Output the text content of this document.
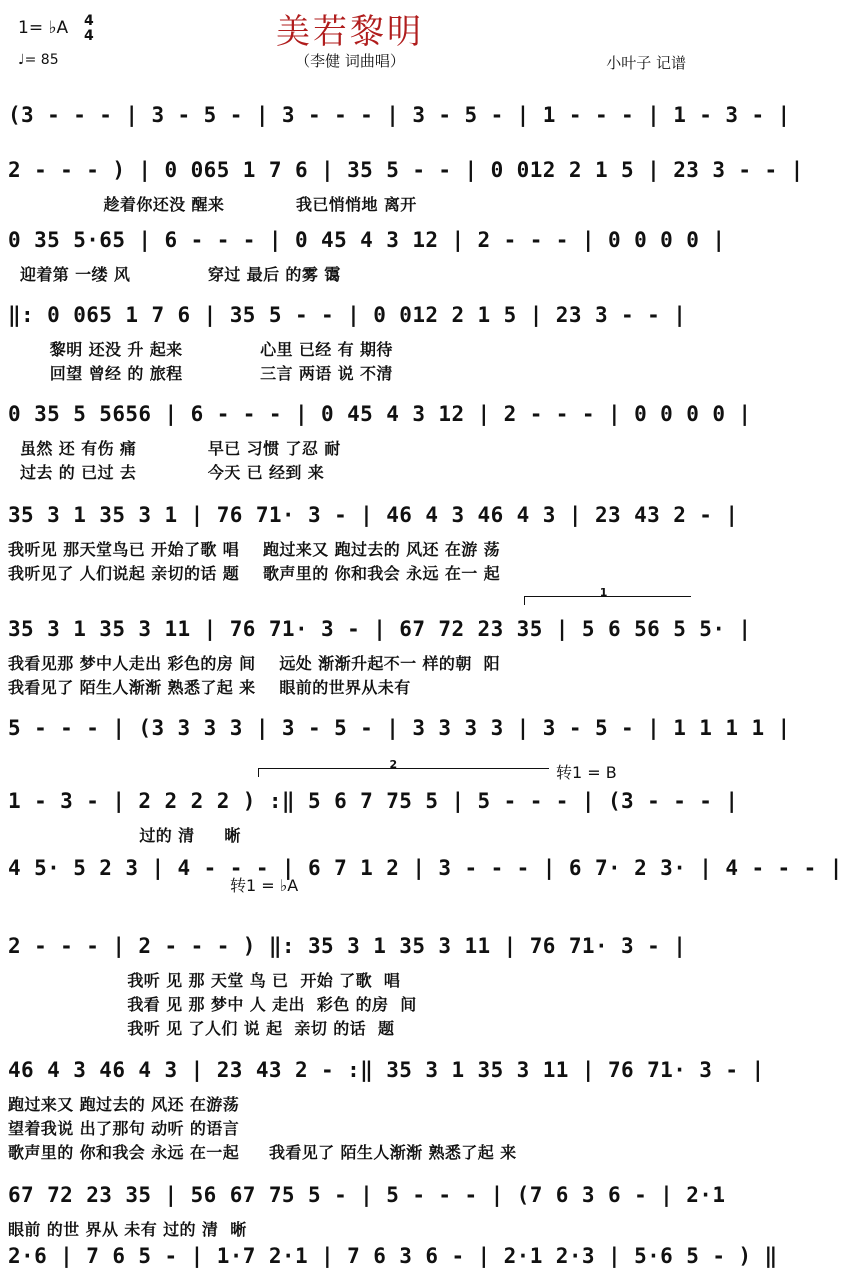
美若黎明
（李健 词曲唱）
1= ♭A 4
4
♩= 85	小叶子 记谱
1
2	转1 = B
转1 = ♭A
(3 - - - | 3 - 5 - | 3 - - - | 3 - 5 - | 1 - - - | 1 - 3 - |
2 - - - ) | 0 065 1 7 6 | 35 5 - - | 0 012 2 1 5 | 23 3 - - |
趁着你还没 醒来            我已悄悄地 离开
0 35 5·65 | 6 - - - | 0 45 4 3 12 | 2 - - - | 0 0 0 0 |
迎着第 一缕 风             穿过 最后 的雾 霭
‖: 0 065 1 7 6 | 35 5 - - | 0 012 2 1 5 | 23 3 - - |
黎明 还没 升 起来             心里 已经 有 期待
回望 曾经 的 旅程             三言 两语 说 不清
0 35 5 5656 | 6 - - - | 0 45 4 3 12 | 2 - - - | 0 0 0 0 |
虽然 还 有伤 痛            早已 习惯 了忍 耐
过去 的 已过 去            今天 已 经到 来
35 3 1 35 3 1 | 76 71· 3 - | 46 4 3 46 4 3 | 23 43 2 - |
我听见 那天堂鸟已 开始了歌 唱    跑过来又 跑过去的 风还 在游 荡
我听见了 人们说起 亲切的话 题    歌声里的 你和我会 永远 在一 起
35 3 1 35 3 11 | 76 71· 3 - | 67 72 23 35 | 5 6 56 5 5· |
我看见那 梦中人走出 彩色的房 间    远处 渐渐升起不一 样的朝  阳
我看见了 陌生人渐渐 熟悉了起 来    眼前的世界从未有
5 - - - | (3 3 3 3 | 3 - 5 - | 3 3 3 3 | 3 - 5 - | 1 1 1 1 |
1 - 3 - | 2 2 2 2 ) :‖ 5 6 7 75 5 | 5 - - - | (3 - - - |
过的 清     晰
4 5· 5 2 3 | 4 - - - | 6 7 1 2 | 3 - - - | 6 7· 2 3· | 4 - - - |
2 - - - | 2 - - - ) ‖: 35 3 1 35 3 11 | 76 71· 3 - |
我听 见 那 天堂 鸟 已  开始 了歌  唱
我看 见 那 梦中 人 走出  彩色 的房  间
我听 见 了人们 说 起  亲切 的话  题
46 4 3 46 4 3 | 23 43 2 - :‖ 35 3 1 35 3 11 | 76 71· 3 - |
跑过来又 跑过去的 风还 在游荡
望着我说 出了那句 动听 的语言
歌声里的 你和我会 永远 在一起     我看见了 陌生人渐渐 熟悉了起 来
67 72 23 35 | 56 67 75 5 - | 5 - - - | (7 6 3 6 - | 2·1
眼前 的世 界从 未有 过的 清  晰
2·6 | 7 6 5 - | 1·7 2·1 | 7 6 3 6 - | 2·1 2·3 | 5·6 5 - ) ‖
